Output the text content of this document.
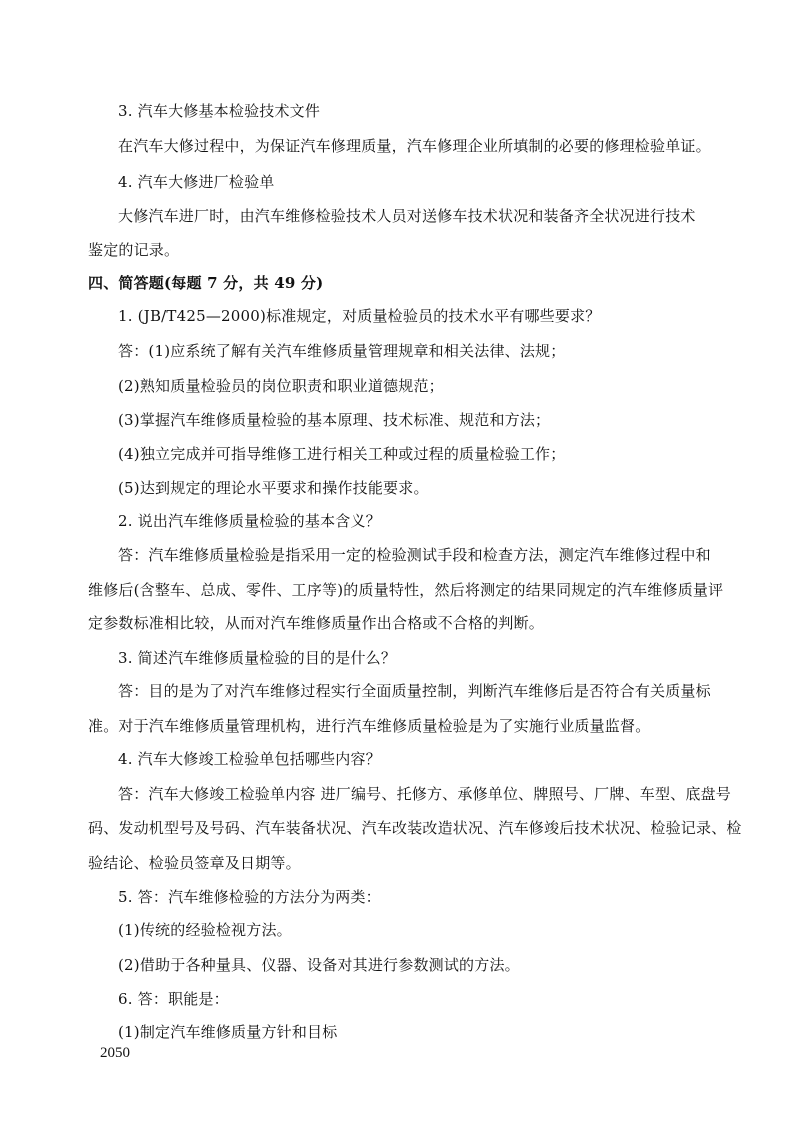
3. 汽车大修基本检验技术文件
在汽车大修过程中，为保证汽车修理质量，汽车修理企业所填制的必要的修理检验单证。
4. 汽车大修进厂检验单
大修汽车进厂时，由汽车维修检验技术人员对送修车技术状况和装备齐全状况进行技术
鉴定的记录。
四、简答题(每题 7 分，共 49 分)
1. (JB/T425—2000)标准规定，对质量检验员的技术水平有哪些要求？
答：(1)应系统了解有关汽车维修质量管理规章和相关法律、法规；
(2)熟知质量检验员的岗位职责和职业道德规范；
(3)掌握汽车维修质量检验的基本原理、技术标准、规范和方法；
(4)独立完成并可指导维修工进行相关工种或过程的质量检验工作；
(5)达到规定的理论水平要求和操作技能要求。
2. 说出汽车维修质量检验的基本含义？
答：汽车维修质量检验是指采用一定的检验测试手段和检查方法，测定汽车维修过程中和
维修后(含整车、总成、零件、工序等)的质量特性，然后将测定的结果同规定的汽车维修质量评
定参数标准相比较，从而对汽车维修质量作出合格或不合格的判断。
3. 简述汽车维修质量检验的目的是什么？
答：目的是为了对汽车维修过程实行全面质量控制，判断汽车维修后是否符合有关质量标
准。对于汽车维修质量管理机构，进行汽车维修质量检验是为了实施行业质量监督。
4. 汽车大修竣工检验单包括哪些内容？
答：汽车大修竣工检验单内容 进厂编号、托修方、承修单位、牌照号、厂牌、车型、底盘号
码、发动机型号及号码、汽车装备状况、汽车改装改造状况、汽车修竣后技术状况、检验记录、检
验结论、检验员签章及日期等。
5. 答：汽车维修检验的方法分为两类：
(1)传统的经验检视方法。
(2)借助于各种量具、仪器、设备对其进行参数测试的方法。
6. 答：职能是：
(1)制定汽车维修质量方针和目标
2050
